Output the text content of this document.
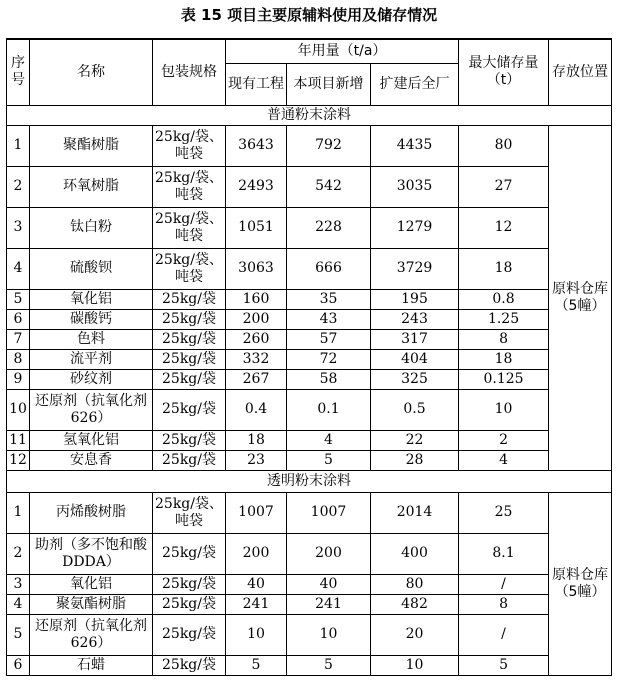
表 15 项目主要原辅料使用及储存情况
序号	名称	包装规格	年用量（t/a）			最大储存量（t）	存放位置
			现有工程	本项目新增	扩建后全厂		
普通粉末涂料							
1	聚酯树脂	25kg/袋、吨袋	3643	792	4435	80	原料仓库（5幢）
2	环氧树脂	25kg/袋、吨袋	2493	542	3035	27	
3	钛白粉	25kg/袋、吨袋	1051	228	1279	12	
4	硫酸钡	25kg/袋、吨袋	3063	666	3729	18	
5	氧化铝	25kg/袋	160	35	195	0.8	
6	碳酸钙	25kg/袋	200	43	243	1.25	
7	色料	25kg/袋	260	57	317	8	
8	流平剂	25kg/袋	332	72	404	18	
9	砂纹剂	25kg/袋	267	58	325	0.125	
10	还原剂（抗氧化剂 626）	25kg/袋	0.4	0.1	0.5	10	
11	氢氧化铝	25kg/袋	18	4	22	2	
12	安息香	25kg/袋	23	5	28	4	
透明粉末涂料							
1	丙烯酸树脂	25kg/袋、吨袋	1007	1007	2014	25	原料仓库（5幢）
2	助剂（多不饱和酸 DDDA）	25kg/袋	200	200	400	8.1	
3	氧化铝	25kg/袋	40	40	80	/	
4	聚氨酯树脂	25kg/袋	241	241	482	8	
5	还原剂（抗氧化剂 626）	25kg/袋	10	10	20	/	
6	石蜡	25kg/袋	5	5	10	5	
